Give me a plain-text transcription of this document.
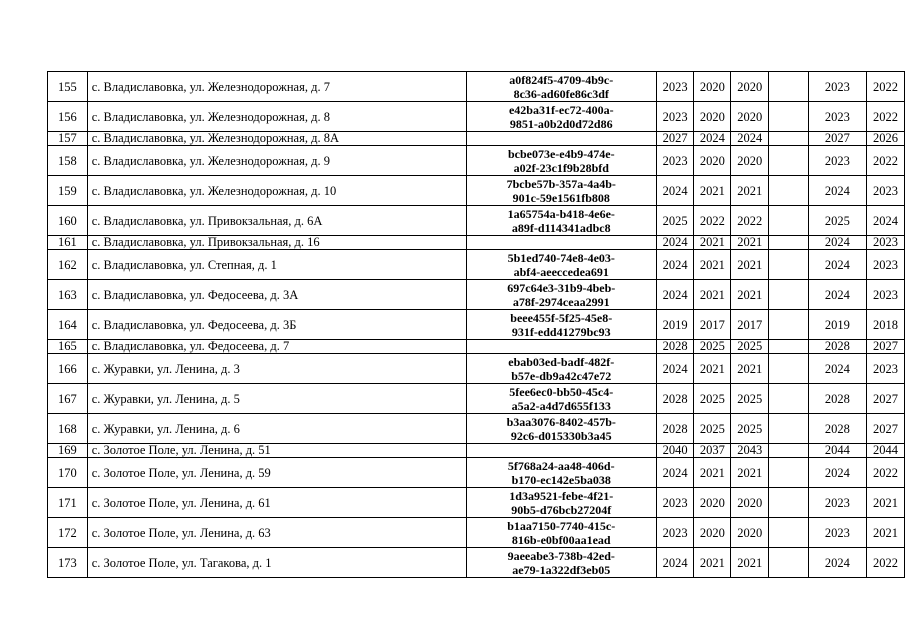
155	с. Владиславовка, ул. Железнодорожная, д. 7	a0f824f5-4709-4b9c-
8c36-ad60fe86c3df	2023	2020	2020		2023	2022
156	с. Владиславовка, ул. Железнодорожная, д. 8	e42ba31f-ec72-400a-
9851-a0b2d0d72d86	2023	2020	2020		2023	2022
157	с. Владиславовка, ул. Железнодорожная, д. 8А		2027	2024	2024		2027	2026
158	с. Владиславовка, ул. Железнодорожная, д. 9	bcbe073e-e4b9-474e-
a02f-23c1f9b28bfd	2023	2020	2020		2023	2022
159	с. Владиславовка, ул. Железнодорожная, д. 10	7bcbe57b-357a-4a4b-
901c-59e1561fb808	2024	2021	2021		2024	2023
160	с. Владиславовка, ул. Привокзальная, д. 6А	1a65754a-b418-4e6e-
a89f-d114341adbc8	2025	2022	2022		2025	2024
161	с. Владиславовка, ул. Привокзальная, д. 16		2024	2021	2021		2024	2023
162	с. Владиславовка, ул. Степная, д. 1	5b1ed740-74e8-4e03-
abf4-aeeccedea691	2024	2021	2021		2024	2023
163	с. Владиславовка, ул. Федосеева, д. 3А	697c64e3-31b9-4beb-
a78f-2974ceaa2991	2024	2021	2021		2024	2023
164	с. Владиславовка, ул. Федосеева, д. 3Б	beee455f-5f25-45e8-
931f-edd41279bc93	2019	2017	2017		2019	2018
165	с. Владиславовка, ул. Федосеева, д. 7		2028	2025	2025		2028	2027
166	с. Журавки, ул. Ленина, д. 3	ebab03ed-badf-482f-
b57e-db9a42c47e72	2024	2021	2021		2024	2023
167	с. Журавки, ул. Ленина, д. 5	5fee6ec0-bb50-45c4-
a5a2-a4d7d655f133	2028	2025	2025		2028	2027
168	с. Журавки, ул. Ленина, д. 6	b3aa3076-8402-457b-
92c6-d015330b3a45	2028	2025	2025		2028	2027
169	с. Золотое Поле, ул. Ленина, д. 51		2040	2037	2043		2044	2044
170	с. Золотое Поле, ул. Ленина, д. 59	5f768a24-aa48-406d-
b170-ec142e5ba038	2024	2021	2021		2024	2022
171	с. Золотое Поле, ул. Ленина, д. 61	1d3a9521-febe-4f21-
90b5-d76bcb27204f	2023	2020	2020		2023	2021
172	с. Золотое Поле, ул. Ленина, д. 63	b1aa7150-7740-415c-
816b-e0bf00aa1ead	2023	2020	2020		2023	2021
173	с. Золотое Поле, ул. Тагакова, д. 1	9aeeabe3-738b-42ed-
ae79-1a322df3eb05	2024	2021	2021		2024	2022
